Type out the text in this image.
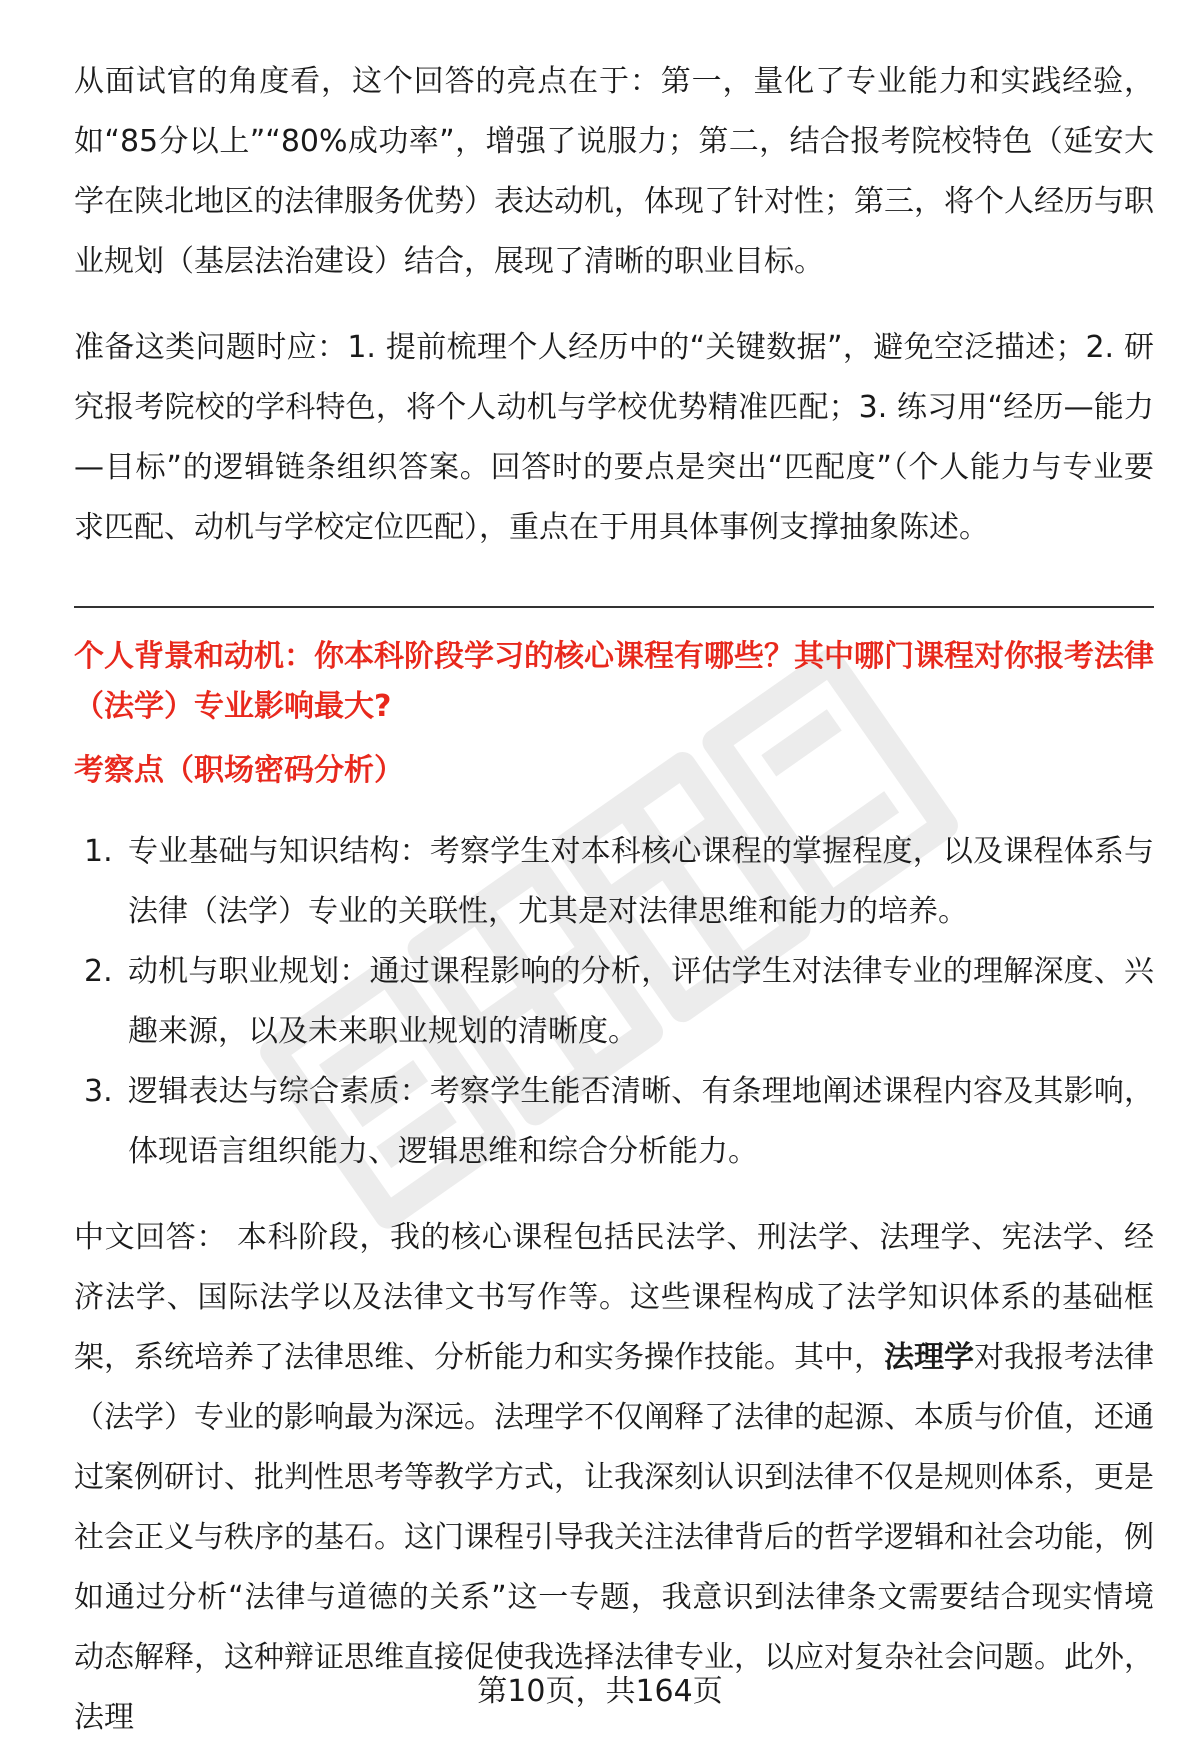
从面试官的角度看，这个回答的亮点在于：第一，量化了专业能力和实践经验，如“85分以上”“80%成功率”，增强了说服力；第二，结合报考院校特色（延安大学在陕北地区的法律服务优势）表达动机，体现了针对性；第三，将个人经历与职业规划（基层法治建设）结合，展现了清晰的职业目标。

准备这类问题时应：1. 提前梳理个人经历中的“关键数据”，避免空泛描述；2. 研究报考院校的学科特色，将个人动机与学校优势精准匹配；3. 练习用“经历—能力—目标”的逻辑链条组织答案。回答时的要点是突出“匹配度”（个人能力与专业要求匹配、动机与学校定位匹配），重点在于用具体事例支撑抽象陈述。

个人背景和动机：你本科阶段学习的核心课程有哪些？其中哪门课程对你报考法律（法学）专业影响最大?

考察点（职场密码分析）

1. 专业基础与知识结构：考察学生对本科核心课程的掌握程度，以及课程体系与法律（法学）专业的关联性，尤其是对法律思维和能力的培养。
2. 动机与职业规划：通过课程影响的分析，评估学生对法律专业的理解深度、兴趣来源，以及未来职业规划的清晰度。
3. 逻辑表达与综合素质：考察学生能否清晰、有条理地阐述课程内容及其影响，体现语言组织能力、逻辑思维和综合分析能力。

中文回答： 本科阶段，我的核心课程包括民法学、刑法学、法理学、宪法学、经济法学、国际法学以及法律文书写作等。这些课程构成了法学知识体系的基础框架，系统培养了法律思维、分析能力和实务操作技能。其中，法理学对我报考法律（法学）专业的影响最为深远。法理学不仅阐释了法律的起源、本质与价值，还通过案例研讨、批判性思考等教学方式，让我深刻认识到法律不仅是规则体系，更是社会正义与秩序的基石。这门课程引导我关注法律背后的哲学逻辑和社会功能，例如通过分析“法律与道德的关系”这一专题，我意识到法律条文需要结合现实情境动态解释，这种辩证思维直接促使我选择法律专业，以应对复杂社会问题。此外，法理

第10页，共164页
